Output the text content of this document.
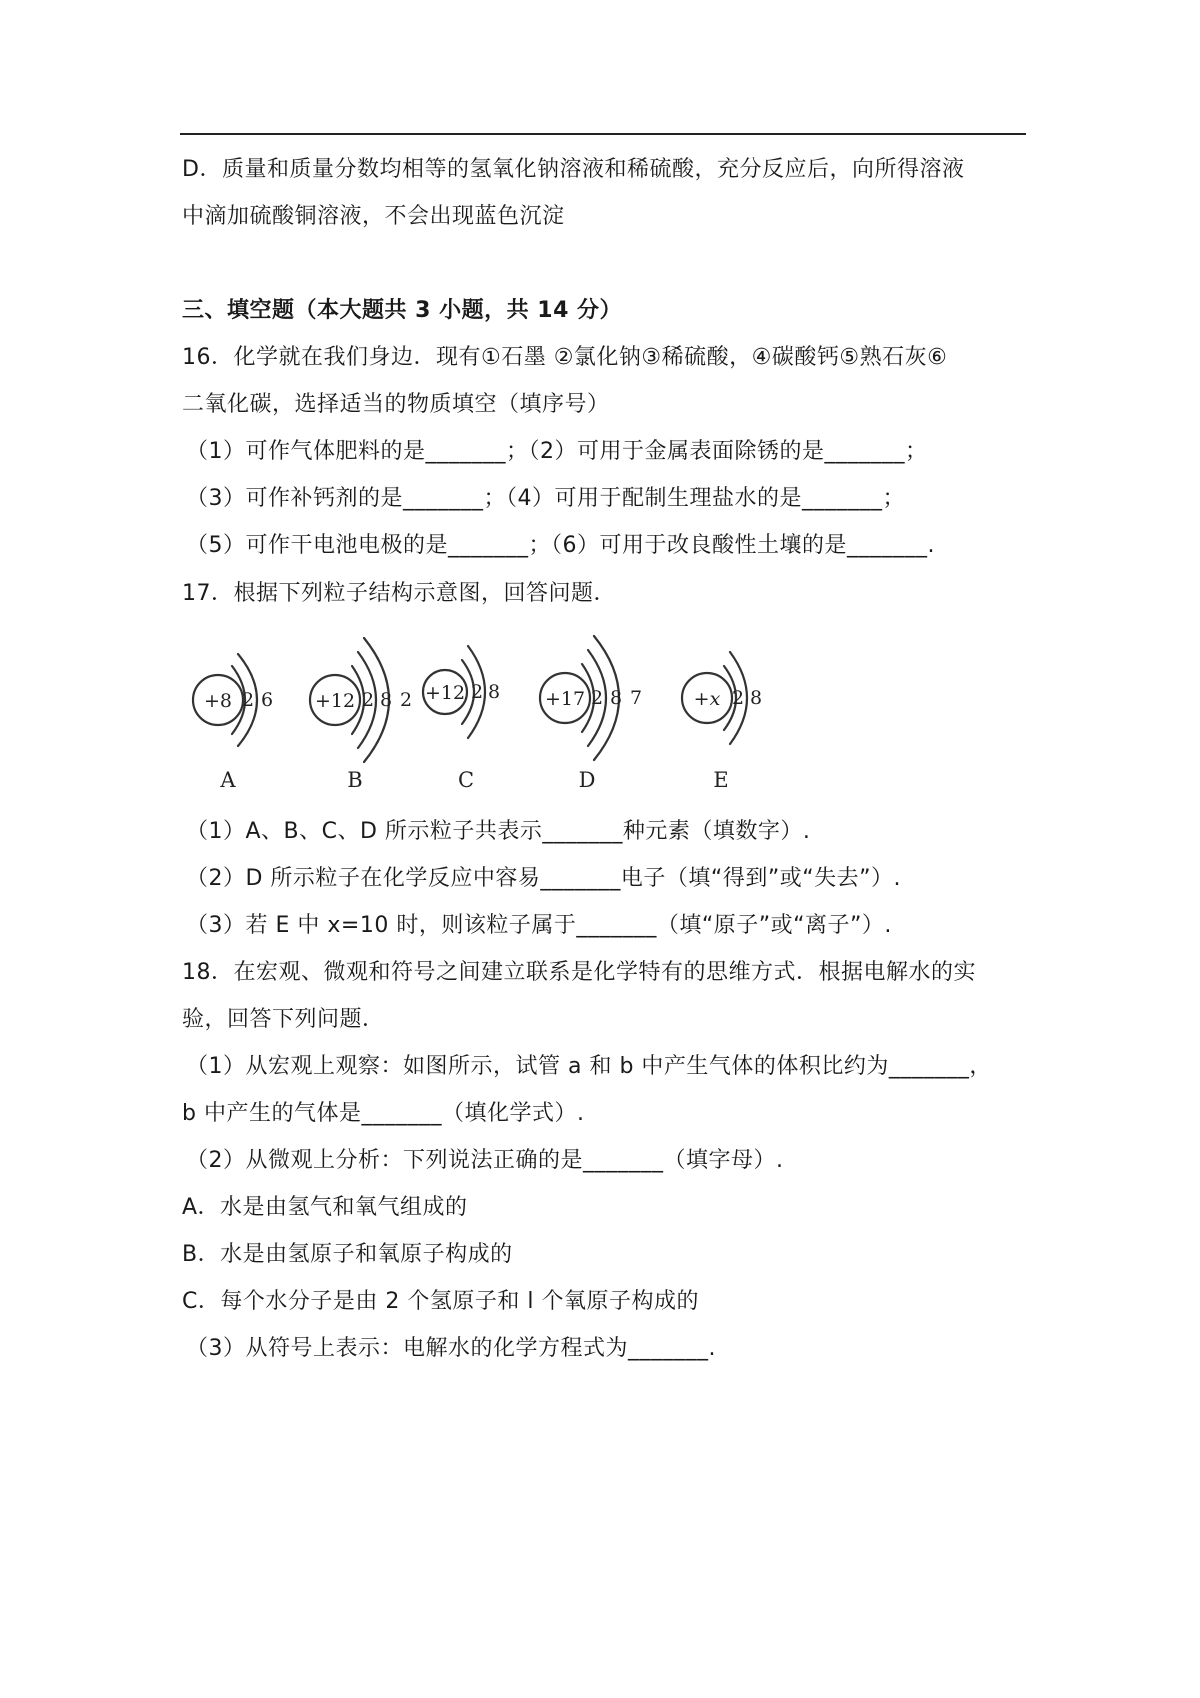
D．质量和质量分数均相等的氢氧化钠溶液和稀硫酸，充分反应后，向所得溶液
中滴加硫酸铜溶液，不会出现蓝色沉淀
三、填空题（本大题共 3 小题，共 14 分）
16．化学就在我们身边．现有①石墨 ②氯化钠③稀硫酸，④碳酸钙⑤熟石灰⑥
二氧化碳，选择适当的物质填空（填序号）
（1）可作气体肥料的是_______；（2）可用于金属表面除锈的是_______；
（3）可作补钙剂的是_______；（4）可用于配制生理盐水的是_______；
（5）可作干电池电极的是_______；（6）可用于改良酸性土壤的是_______.
17．根据下列粒子结构示意图，回答问题．
+8 2 6 +12 2 8 2 +12 2 8 +17 2 8 7	+x 2 8
A	B	C	D	E
（1）A、B、C、D 所示粒子共表示_______种元素（填数字）.
（2）D 所示粒子在化学反应中容易_______电子（填“得到”或“失去”）.
（3）若 E 中 x=10 时，则该粒子属于_______（填“原子”或“离子”）.
18．在宏观、微观和符号之间建立联系是化学特有的思维方式．根据电解水的实
验，回答下列问题．
（1）从宏观上观察：如图所示，试管 a 和 b 中产生气体的体积比约为_______，
b 中产生的气体是_______（填化学式）.
（2）从微观上分析：下列说法正确的是_______（填字母）.
A．水是由氢气和氧气组成的
B．水是由氢原子和氧原子构成的
C．每个水分子是由 2 个氢原子和 l 个氧原子构成的
（3）从符号上表示：电解水的化学方程式为_______.
